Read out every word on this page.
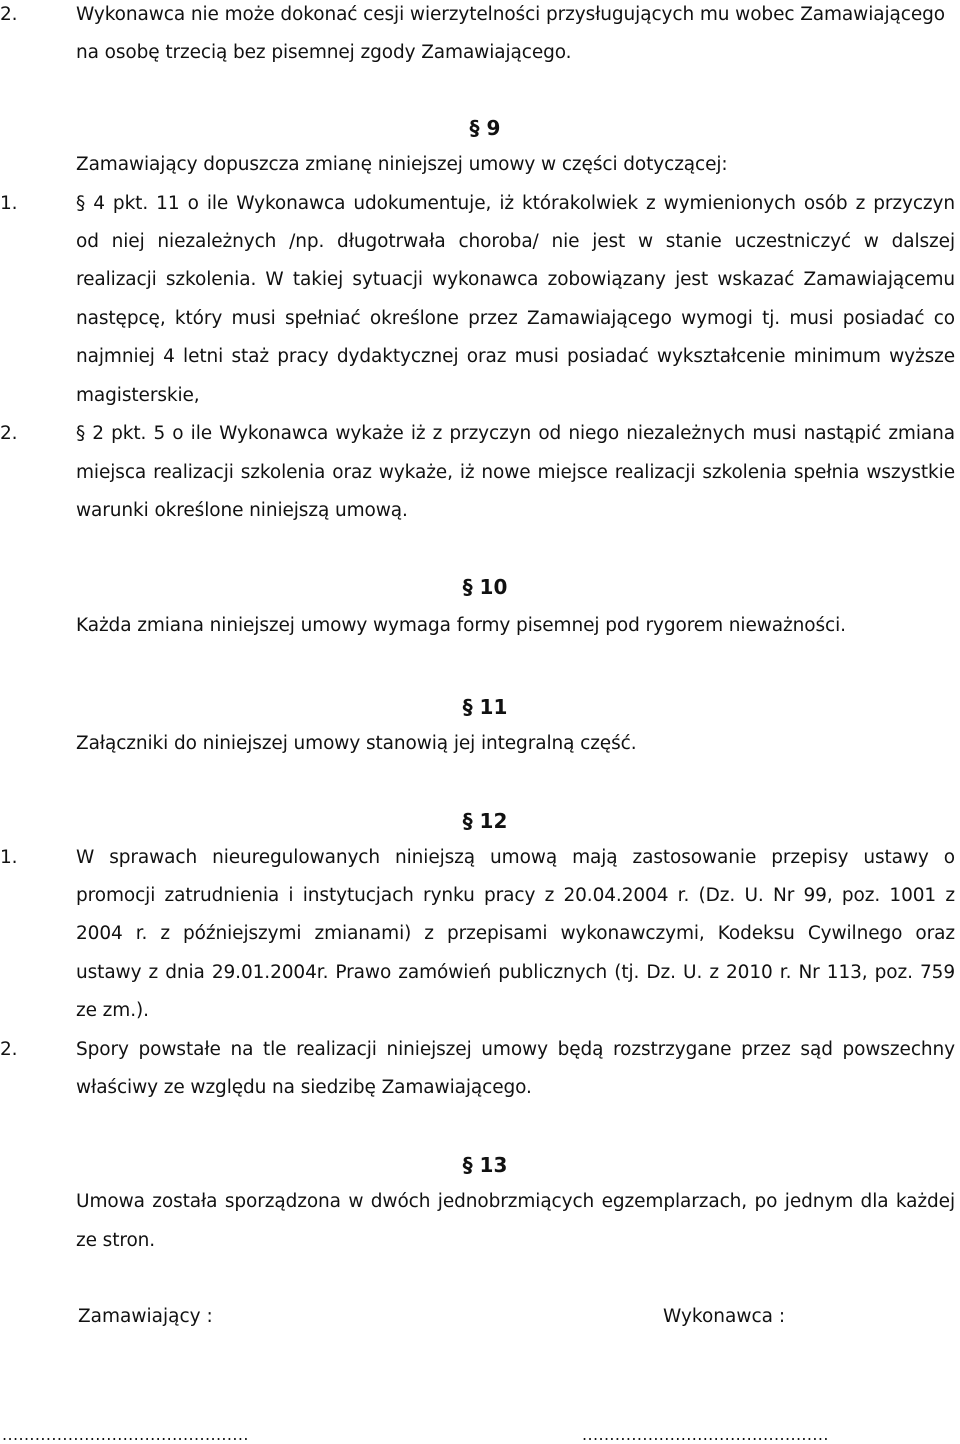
2.	Wykonawca nie może dokonać cesji wierzytelności przysługujących mu wobec Zamawiającego
na osobę trzecią bez pisemnej zgody Zamawiającego.
§ 9
Zamawiający dopuszcza zmianę niniejszej umowy w części dotyczącej:
1.	§ 4 pkt. 11 o ile Wykonawca udokumentuje, iż którakolwiek z wymienionych osób z przyczyn
od niej niezależnych /np. długotrwała choroba/ nie jest w stanie uczestniczyć w dalszej
realizacji szkolenia. W takiej sytuacji wykonawca zobowiązany jest wskazać Zamawiającemu
następcę, który musi spełniać określone przez Zamawiającego wymogi tj. musi posiadać co
najmniej 4 letni staż pracy dydaktycznej oraz musi posiadać wykształcenie minimum wyższe
magisterskie,
2.	§ 2 pkt. 5 o ile Wykonawca wykaże iż z przyczyn od niego niezależnych musi nastąpić zmiana
miejsca realizacji szkolenia oraz wykaże, iż nowe miejsce realizacji szkolenia spełnia wszystkie
warunki określone niniejszą umową.
§ 10
Każda zmiana niniejszej umowy wymaga formy pisemnej pod rygorem nieważności.
§ 11
Załączniki do niniejszej umowy stanowią jej integralną część.
§ 12
1.	W sprawach nieuregulowanych niniejszą umową mają zastosowanie przepisy ustawy o
promocji zatrudnienia i instytucjach rynku pracy z 20.04.2004 r. (Dz. U. Nr 99, poz. 1001 z
2004 r. z późniejszymi zmianami) z przepisami wykonawczymi, Kodeksu Cywilnego oraz
ustawy z dnia 29.01.2004r. Prawo zamówień publicznych (tj. Dz. U. z 2010 r. Nr 113, poz. 759
ze zm.).
2.	Spory powstałe na tle realizacji niniejszej umowy będą rozstrzygane przez sąd powszechny
właściwy ze względu na siedzibę Zamawiającego.
§ 13
Umowa została sporządzona w dwóch jednobrzmiących egzemplarzach, po jednym dla każdej
ze stron.
Zamawiający :	Wykonawca :
.............................................	.............................................
